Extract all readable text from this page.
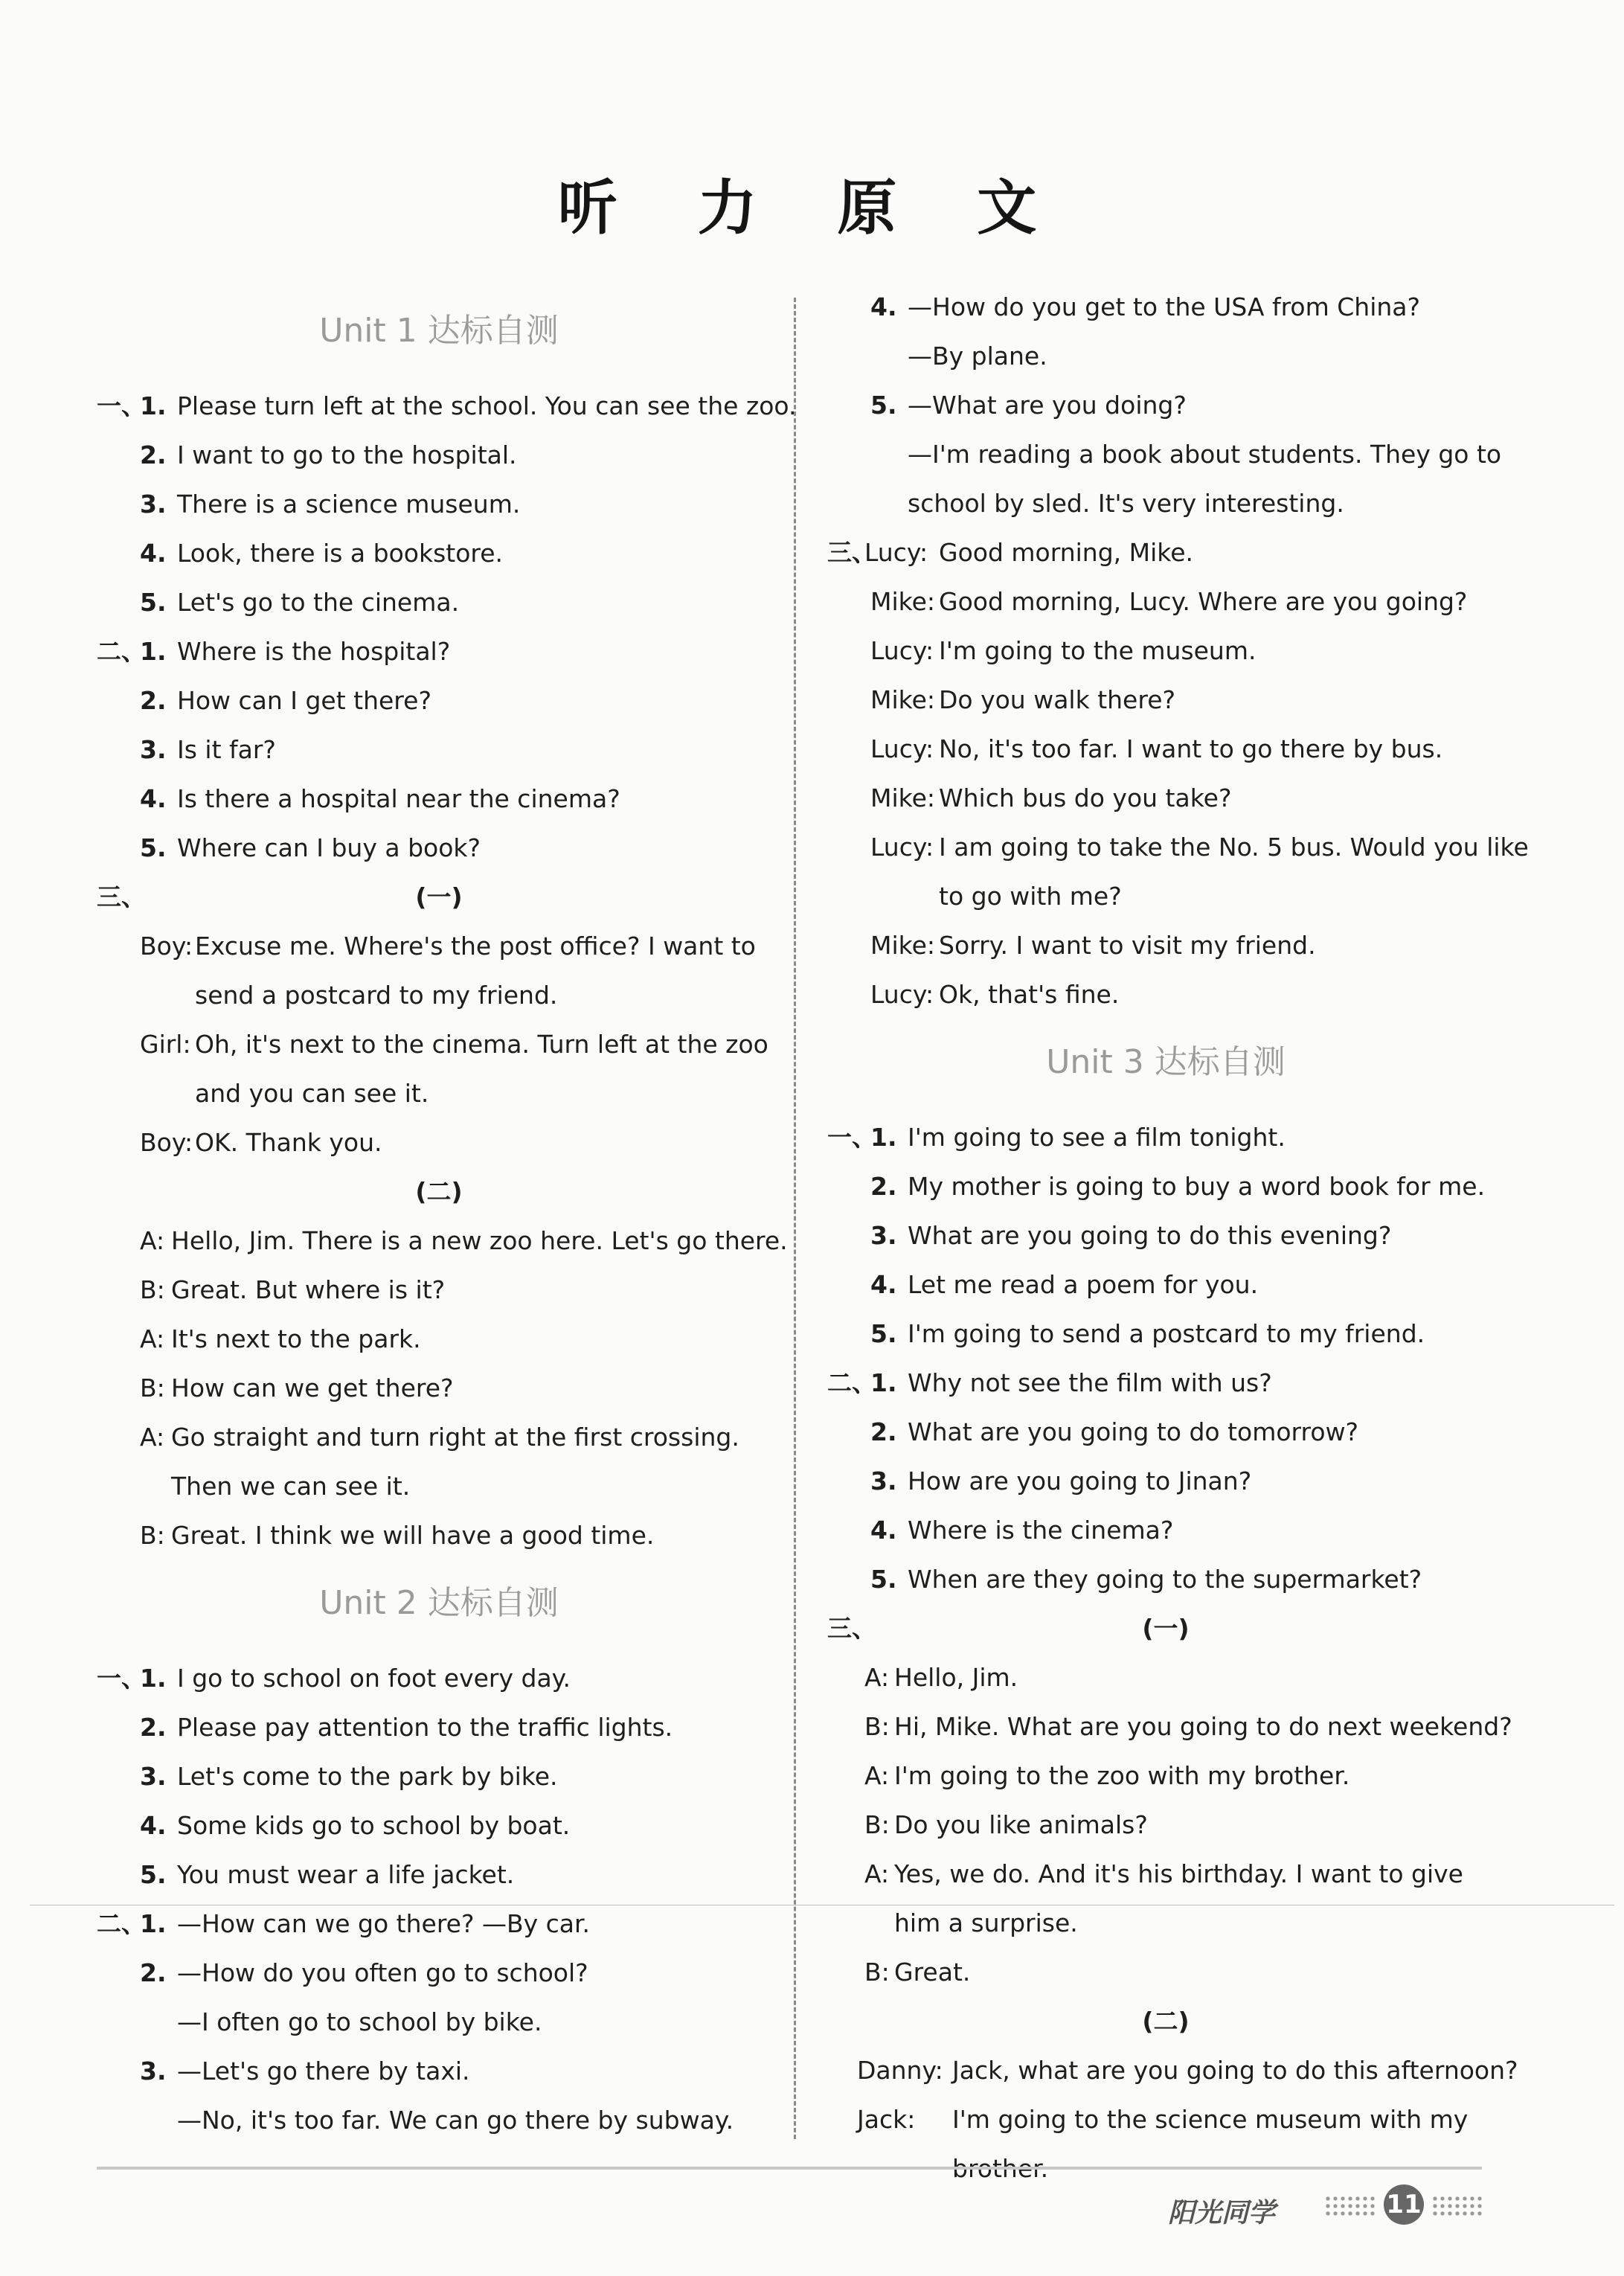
听 力 原 文
Unit 1 达标自测
一、
1. Please turn left at the school. You can see the zoo.
2. I want to go to the hospital.
3. There is a science museum.
4. Look, there is a bookstore.
5. Let's go to the cinema.
二、
1. Where is the hospital?
2. How can I get there?
3. Is it far?
4. Is there a hospital near the cinema?
5. Where can I buy a book?
三、	(一)
Boy: Excuse me. Where's the post office? I want to
send a postcard to my friend.
Girl: Oh, it's next to the cinema. Turn left at the zoo
and you can see it.
Boy: OK. Thank you.
(二)
A: Hello, Jim. There is a new zoo here. Let's go there.
B: Great. But where is it?
A: It's next to the park.
B: How can we get there?
A: Go straight and turn right at the first crossing.
Then we can see it.
B: Great. I think we will have a good time.
Unit 2 达标自测
一、
1. I go to school on foot every day.
2. Please pay attention to the traffic lights.
3. Let's come to the park by bike.
4. Some kids go to school by boat.
5. You must wear a life jacket.
二、
1. —How can we go there? —By car.
2. —How do you often go to school?
—I often go to school by bike.
3. —Let's go there by taxi.
—No, it's too far. We can go there by subway.
4. —How do you get to the USA from China?
—By plane.
5. —What are you doing?
—I'm reading a book about students. They go to
school by sled. It's very interesting.
三、
Lucy: Good morning, Mike.
Mike: Good morning, Lucy. Where are you going?
Lucy: I'm going to the museum.
Mike: Do you walk there?
Lucy: No, it's too far. I want to go there by bus.
Mike: Which bus do you take?
Lucy: I am going to take the No. 5 bus. Would you like
to go with me?
Mike: Sorry. I want to visit my friend.
Lucy: Ok, that's fine.
Unit 3 达标自测
一、
1. I'm going to see a film tonight.
2. My mother is going to buy a word book for me.
3. What are you going to do this evening?
4. Let me read a poem for you.
5. I'm going to send a postcard to my friend.
二、
1. Why not see the film with us?
2. What are you going to do tomorrow?
3. How are you going to Jinan?
4. Where is the cinema?
5. When are they going to the supermarket?
三、	(一)
A: Hello, Jim.
B: Hi, Mike. What are you going to do next weekend?
A: I'm going to the zoo with my brother.
B: Do you like animals?
A: Yes, we do. And it's his birthday. I want to give
him a surprise.
B: Great.
(二)
Danny: Jack, what are you going to do this afternoon?
Jack: I'm going to the science museum with my
brother.
阳光同学	11
